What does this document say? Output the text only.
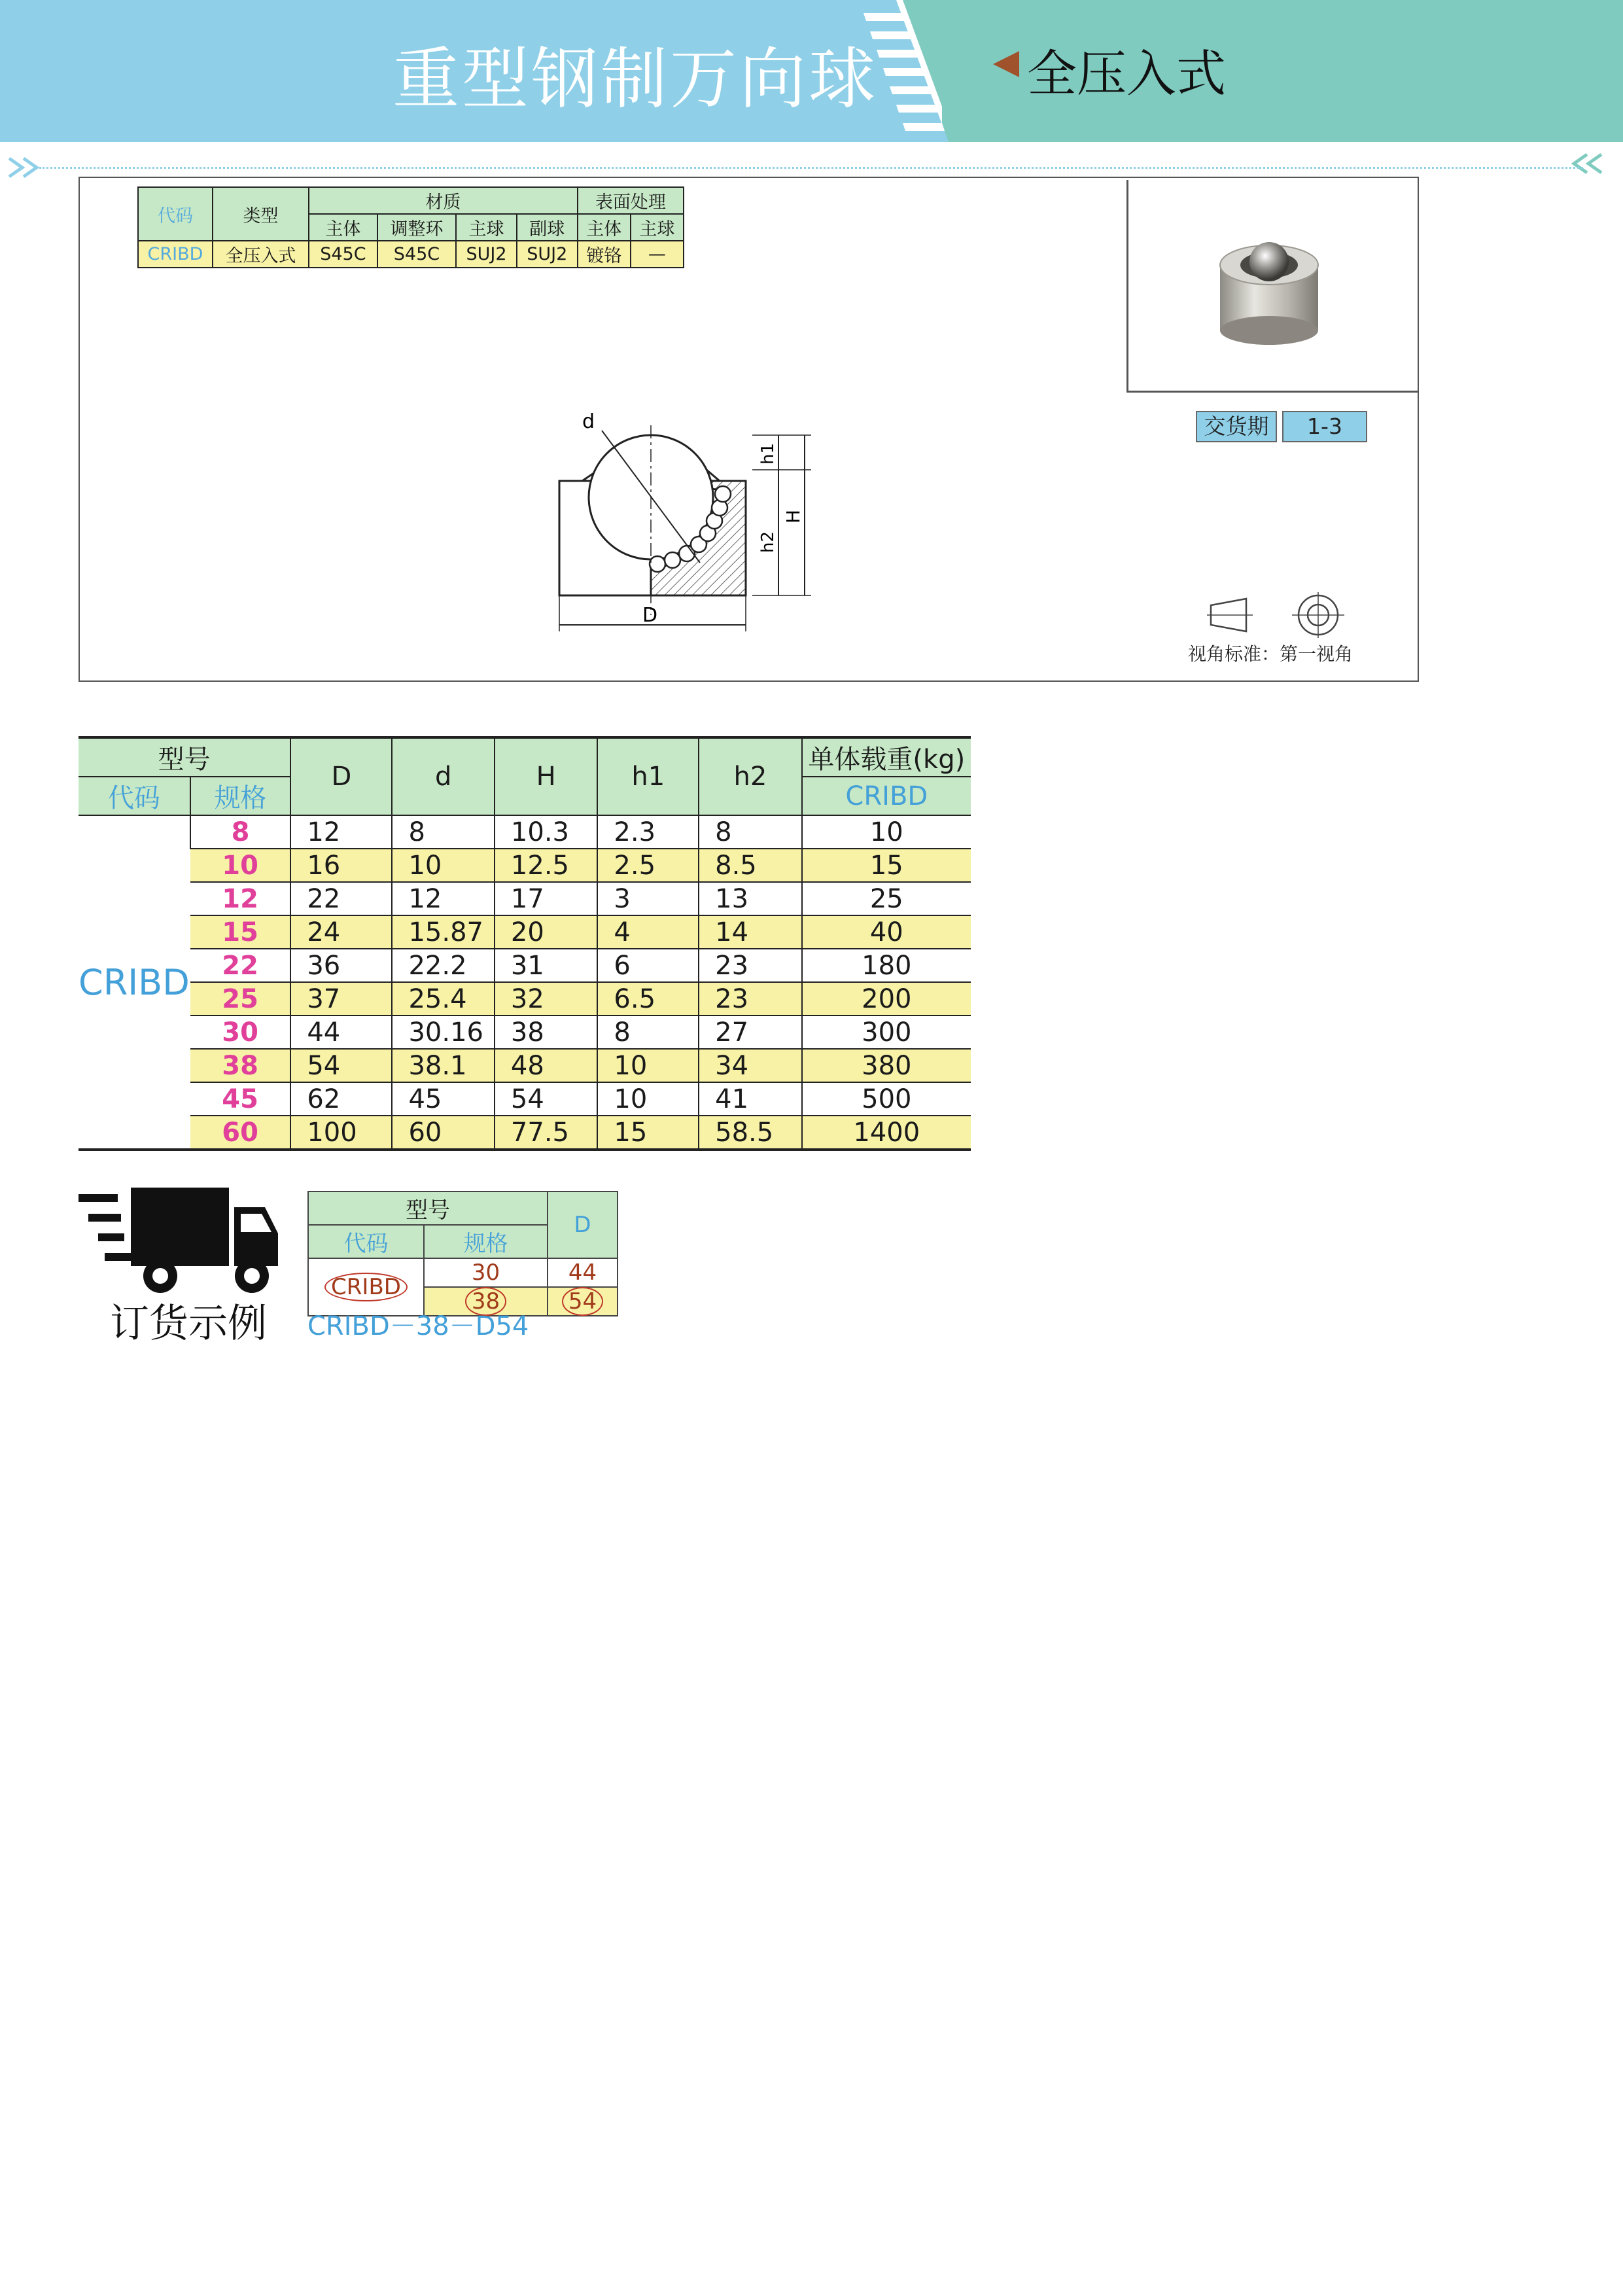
重型钢制万向球	全压入式
代码	类型	材质				表面处理	
		主体	调整环	主球	副球	主体	主球
CRIBD	全压入式	S45C	S45C	SUJ2	SUJ2	镀铬	—
d
D
h1
h2
H
交货期	1-3
视角标准：第一视角
型号		D	d	H	h1	h2	单体载重(kg)
代码	规格						CRIBD
CRIBD	8	12	8	10.3	2.3	8	10
	10	16	10	12.5	2.5	8.5	15
	12	22	12	17	3	13	25
	15	24	15.87	20	4	14	40
	22	36	22.2	31	6	23	180
	25	37	25.4	32	6.5	23	200
	30	44	30.16	38	8	27	300
	38	54	38.1	48	10	34	380
	45	62	45	54	10	41	500
	60	100	60	77.5	15	58.5	1400
订货示例
型号		D
代码	规格	
CRIBD	30	44
	38	54
CRIBD－38－D54
